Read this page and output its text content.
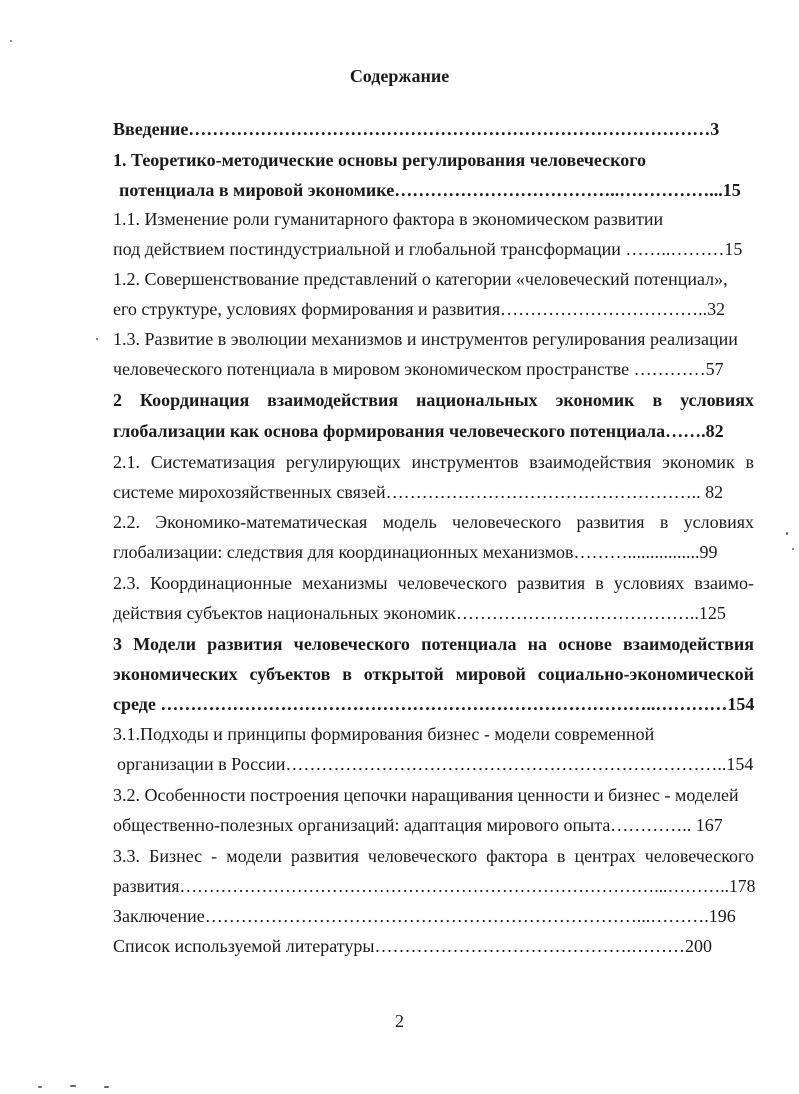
Содержание
Введение……………………………………………………………………………3
1. Теоретико-методические основы регулирования человеческого
потенциала в мировой экономике………………………………..……………...15
1.1. Изменение роли гуманитарного фактора в экономическом развитии
под действием постиндустриальной и глобальной трансформации ……..………15
1.2. Совершенствование представлений о категории «человеческий потенциал»,
его структуре, условиях формирования и развития……………………………..32
1.3. Развитие в эволюции механизмов и инструментов регулирования реализации
человеческого потенциала в мировом экономическом пространстве …………57
2 Координация взаимодействия национальных экономик в условиях
глобализации как основа формирования человеческого потенциала…….82
2.1. Систематизация регулирующих инструментов взаимодействия экономик в
системе мирохозяйственных связей…………………………………………….. 82
2.2. Экономико-математическая модель человеческого развития в условиях
глобализации: следствия для координационных механизмов………................99
2.3. Координационные механизмы человеческого развития в условиях взаимо-
действия субъектов национальных экономик…………………………………..125
3 Модели развития человеческого потенциала на основе взаимодействия
экономических субъектов в открытой мировой социально-экономической
среде ………………………………………………………………………..…………154
3.1.Подходы и принципы формирования бизнес - модели современной
организации в России………………………………………………………………..154
3.2. Особенности построения цепочки наращивания ценности и бизнес - моделей
общественно-полезных организаций: адаптация мирового опыта………….. 167
3.3. Бизнес - модели развития человеческого фактора в центрах человеческого
развития………………………………………………………………………...………..178
Заключение………………………………………………………………...……….196
Список используемой литературы…………………………………….………200
2
